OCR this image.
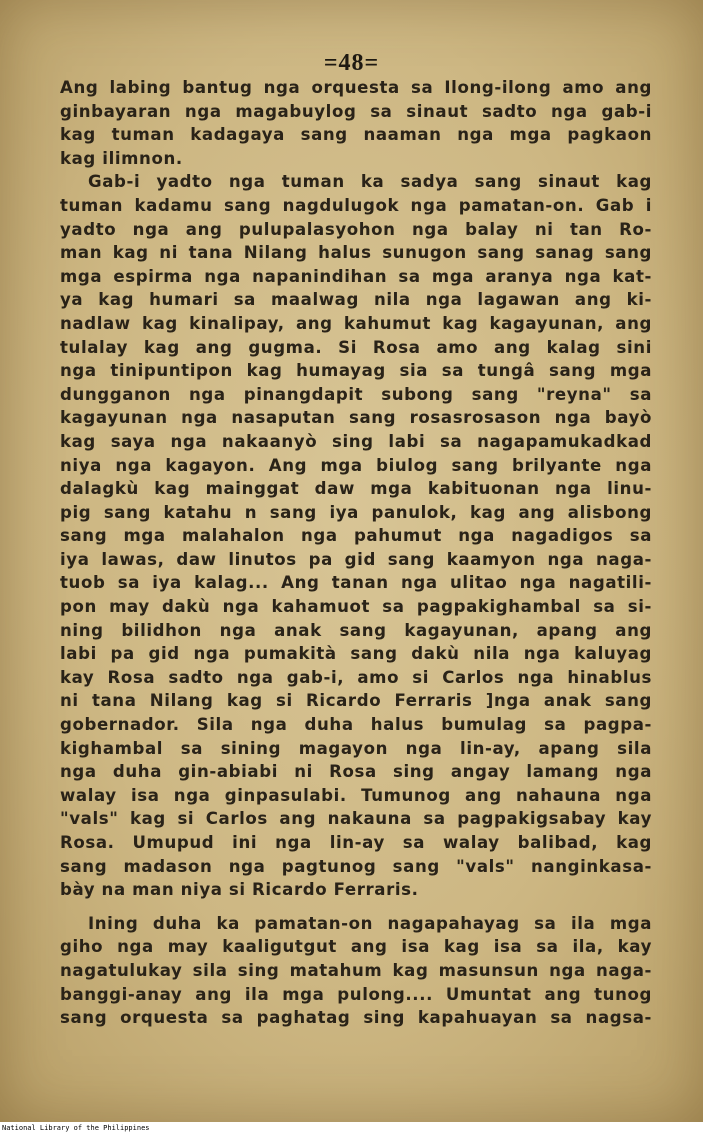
=48=
Ang labing bantug nga orquesta sa Ilong-ilong amo ang
ginbayaran nga magabuylog sa sinaut sadto nga gab-i
kag tuman kadagaya sang naaman nga mga pagkaon
kag ilimnon.
Gab-i yadto nga tuman ka sadya sang sinaut kag
tuman kadamu sang nagdulugok nga pamatan-on. Gab i
yadto nga ang pulupalasyohon nga balay ni tan Ro-
man kag ni tana Nilang halus sunugon sang sanag sang
mga espirma nga napanindihan sa mga aranya nga kat-
ya kag humari sa maalwag nila nga lagawan ang ki-
nadlaw kag kinalipay, ang kahumut kag kagayunan, ang
tulalay kag ang gugma. Si Rosa amo ang kalag sini
nga tinipuntipon kag humayag sia sa tungâ sang mga
dungganon nga pinangdapit subong sang "reyna" sa
kagayunan nga nasaputan sang rosasrosason nga bayò
kag saya nga nakaanyò sing labi sa nagapamukadkad
niya nga kagayon. Ang mga biulog sang brilyante nga
dalagkù kag mainggat daw mga kabituonan nga linu-
pig sang katahu n sang iya panulok, kag ang alisbong
sang mga malahalon nga pahumut nga nagadigos sa
iya lawas, daw linutos pa gid sang kaamyon nga naga-
tuob sa iya kalag... Ang tanan nga ulitao nga nagatili-
pon may dakù nga kahamuot sa pagpakighambal sa si-
ning bilidhon nga anak sang kagayunan, apang ang
labi pa gid nga pumakità sang dakù nila nga kaluyag
kay Rosa sadto nga gab-i, amo si Carlos nga hinablus
ni tana Nilang kag si Ricardo Ferraris ]nga anak sang
gobernador. Sila nga duha halus bumulag sa pagpa-
kighambal sa sining magayon nga lin-ay, apang sila
nga duha gin-abiabi ni Rosa sing angay lamang nga
walay isa nga ginpasulabi. Tumunog ang nahauna nga
"vals" kag si Carlos ang nakauna sa pagpakigsabay kay
Rosa. Umupud ini nga lin-ay sa walay balibad, kag
sang madason nga pagtunog sang "vals" nanginkasa-
bày na man niya si Ricardo Ferraris.
Ining duha ka pamatan-on nagapahayag sa ila mga
giho nga may kaaligutgut ang isa kag isa sa ila, kay
nagatulukay sila sing matahum kag masunsun nga naga-
banggi-anay ang ila mga pulong.... Umuntat ang tunog
sang orquesta sa paghatag sing kapahuayan sa nagsa-
National Library of the Philippines
